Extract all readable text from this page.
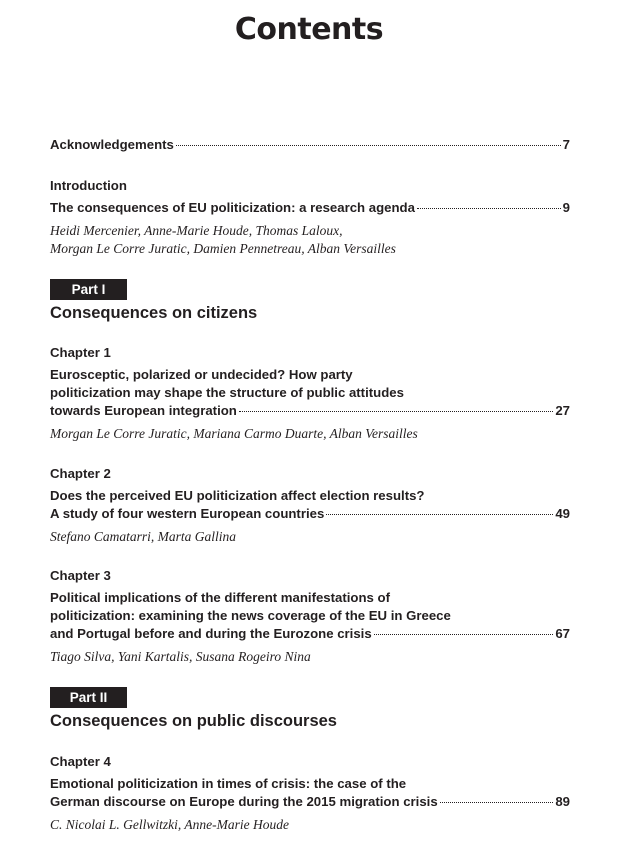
Contents
Acknowledgements	7
Introduction
The consequences of EU politicization: a research agenda	9
Heidi Mercenier, Anne-Marie Houde, Thomas Laloux,
Morgan Le Corre Juratic, Damien Pennetreau, Alban Versailles
Part I
Consequences on citizens
Chapter 1
Eurosceptic, polarized or undecided? How party
politicization may shape the structure of public attitudes
towards European integration	27
Morgan Le Corre Juratic, Mariana Carmo Duarte, Alban Versailles
Chapter 2
Does the perceived EU politicization affect election results?
A study of four western European countries	49
Stefano Camatarri, Marta Gallina
Chapter 3
Political implications of the different manifestations of
politicization: examining the news coverage of the EU in Greece
and Portugal before and during the Eurozone crisis	67
Tiago Silva, Yani Kartalis, Susana Rogeiro Nina
Part II
Consequences on public discourses
Chapter 4
Emotional politicization in times of crisis: the case of the
German discourse on Europe during the 2015 migration crisis	89
C. Nicolai L. Gellwitzki, Anne-Marie Houde
